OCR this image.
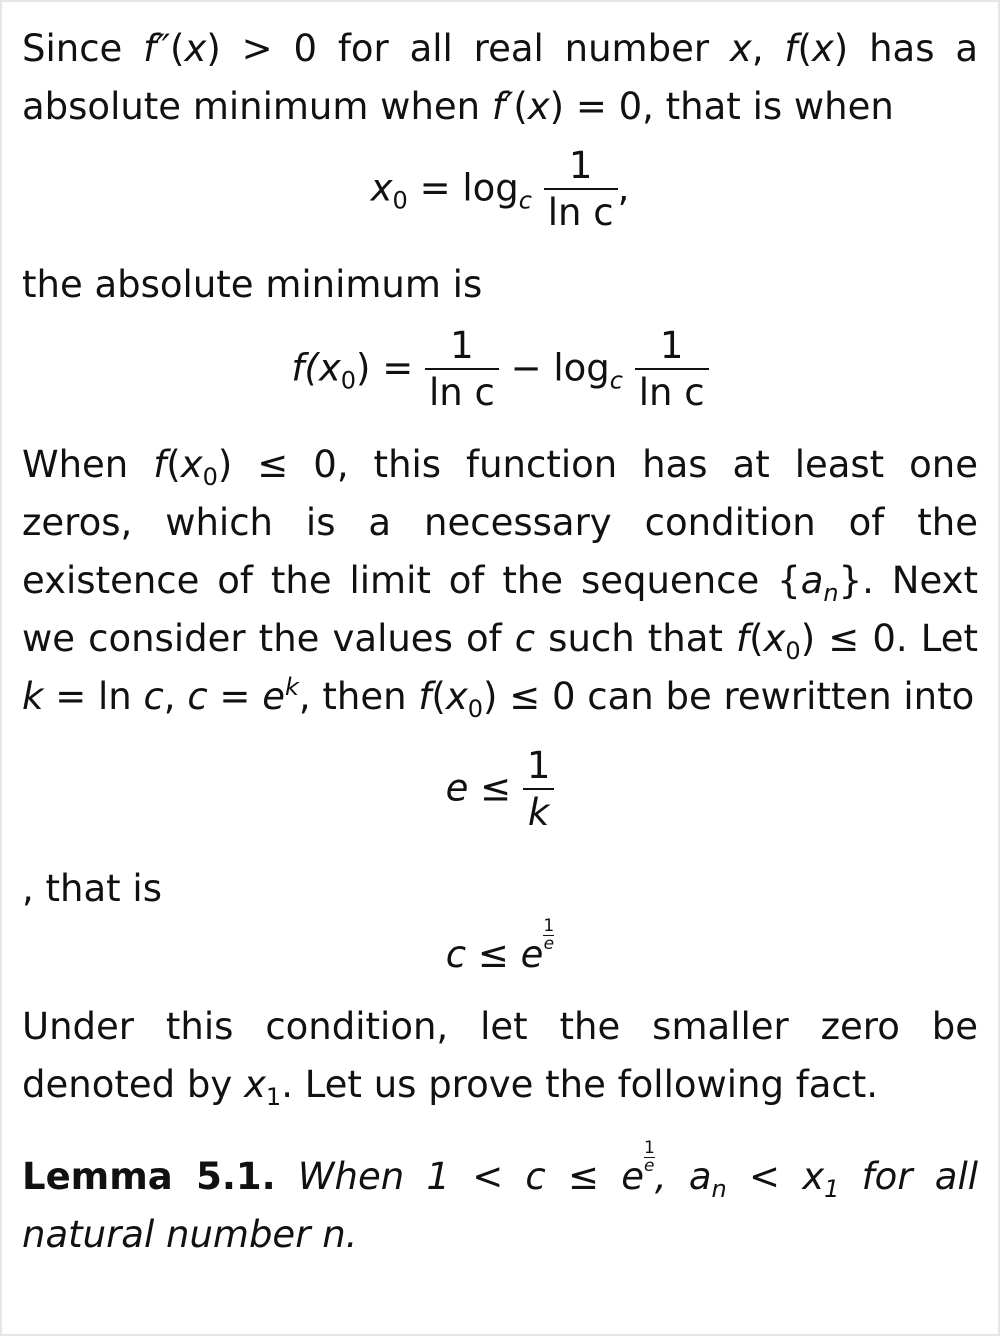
Since f″(x) > 0 for all real number x, f(x) has a absolute minimum when f′(x) = 0, that is when

$x_0 = \log_c \frac{1}{\text{ln c}}$ ,

the absolute minimum is

$f(x_0) = \frac{1}{\text{ln c}} - \log_c \frac{1}{\text{ln c}}$

When $f(x_0) \le 0$, this function has at least one zeros, which is a necessary condition of the existence of the limit of the sequence $\{a_n\}$. Next we consider the values of c such that $f(x_0) \le 0$. Let k = ln c, $c = e^k$, then $f(x_0) \le 0$ can be rewritten into

$e \le \frac{1}{k}$

, that is

c ≤ e $\frac{1}{e}$

Under this condition, let the smaller zero be denoted by $x_1$. Let us prove the following fact.

Lemma 5.1. When 1 < c ≤ e $\frac{1}{e}$ , $a_n < x_1$ for all natural number n.
